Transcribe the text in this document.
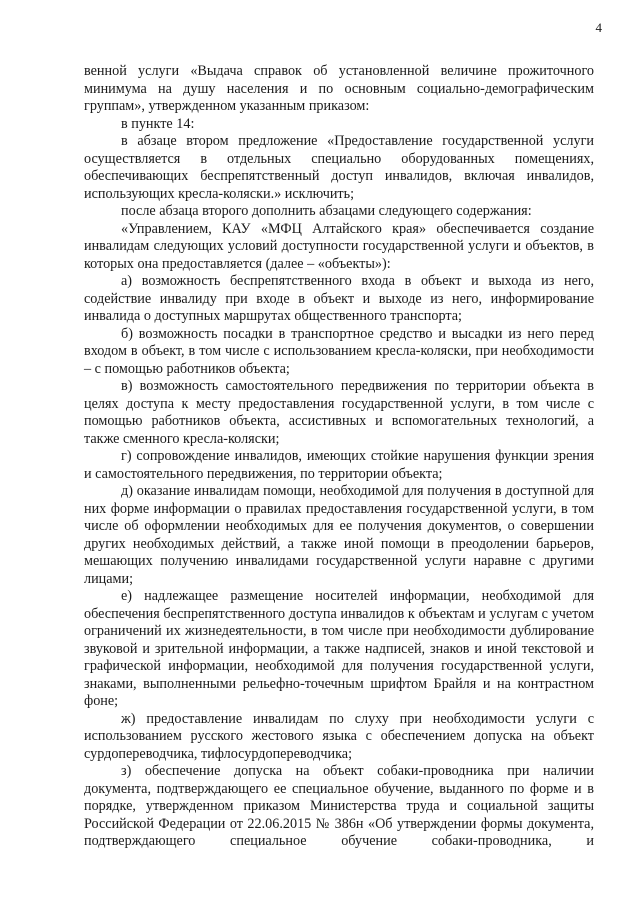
4

венной услуги «Выдача справок об установленной величине прожиточного минимума на душу населения и по основным социально-демографическим группам», утвержденном указанным приказом:

в пункте 14:

в абзаце втором предложение «Предоставление государственной услуги осуществляется в отдельных специально оборудованных помещениях, обеспечивающих беспрепятственный доступ инвалидов, включая инвалидов, использующих кресла-коляски.» исключить;

после абзаца второго дополнить абзацами следующего содержания:

«Управлением, КАУ «МФЦ Алтайского края» обеспечивается создание инвалидам следующих условий доступности государственной услуги и объектов, в которых она предоставляется (далее – «объекты»):

а) возможность беспрепятственного входа в объект и выхода из него, содействие инвалиду при входе в объект и выходе из него, информирование инвалида о доступных маршрутах общественного транспорта;

б) возможность посадки в транспортное средство и высадки из него перед входом в объект, в том числе с использованием кресла-коляски, при необходимости – с помощью работников объекта;

в) возможность самостоятельного передвижения по территории объекта в целях доступа к месту предоставления государственной услуги, в том числе с помощью работников объекта, ассистивных и вспомогательных технологий, а также сменного кресла-коляски;

г) сопровождение инвалидов, имеющих стойкие нарушения функции зрения и самостоятельного передвижения, по территории объекта;

д) оказание инвалидам помощи, необходимой для получения в доступной для них форме информации о правилах предоставления государственной услуги, в том числе об оформлении необходимых для ее получения документов, о совершении других необходимых действий, а также иной помощи в преодолении барьеров, мешающих получению инвалидами государственной услуги наравне с другими лицами;

е) надлежащее размещение носителей информации, необходимой для обеспечения беспрепятственного доступа инвалидов к объектам и услугам с учетом ограничений их жизнедеятельности, в том числе при необходимости дублирование звуковой и зрительной информации, а также надписей, знаков и иной текстовой и графической информации, необходимой для получения государственной услуги, знаками, выполненными рельефно-точечным шрифтом Брайля и на контрастном фоне;

ж) предоставление инвалидам по слуху при необходимости услуги с использованием русского жестового языка с обеспечением допуска на объект сурдопереводчика, тифлосурдопереводчика;

з) обеспечение допуска на объект собаки-проводника при наличии документа, подтверждающего ее специальное обучение, выданного по форме и в порядке, утвержденном приказом Министерства труда и социальной защиты Российской Федерации от 22.06.2015 № 386н «Об утверждении формы документа, подтверждающего специальное обучение собаки-проводника, и
